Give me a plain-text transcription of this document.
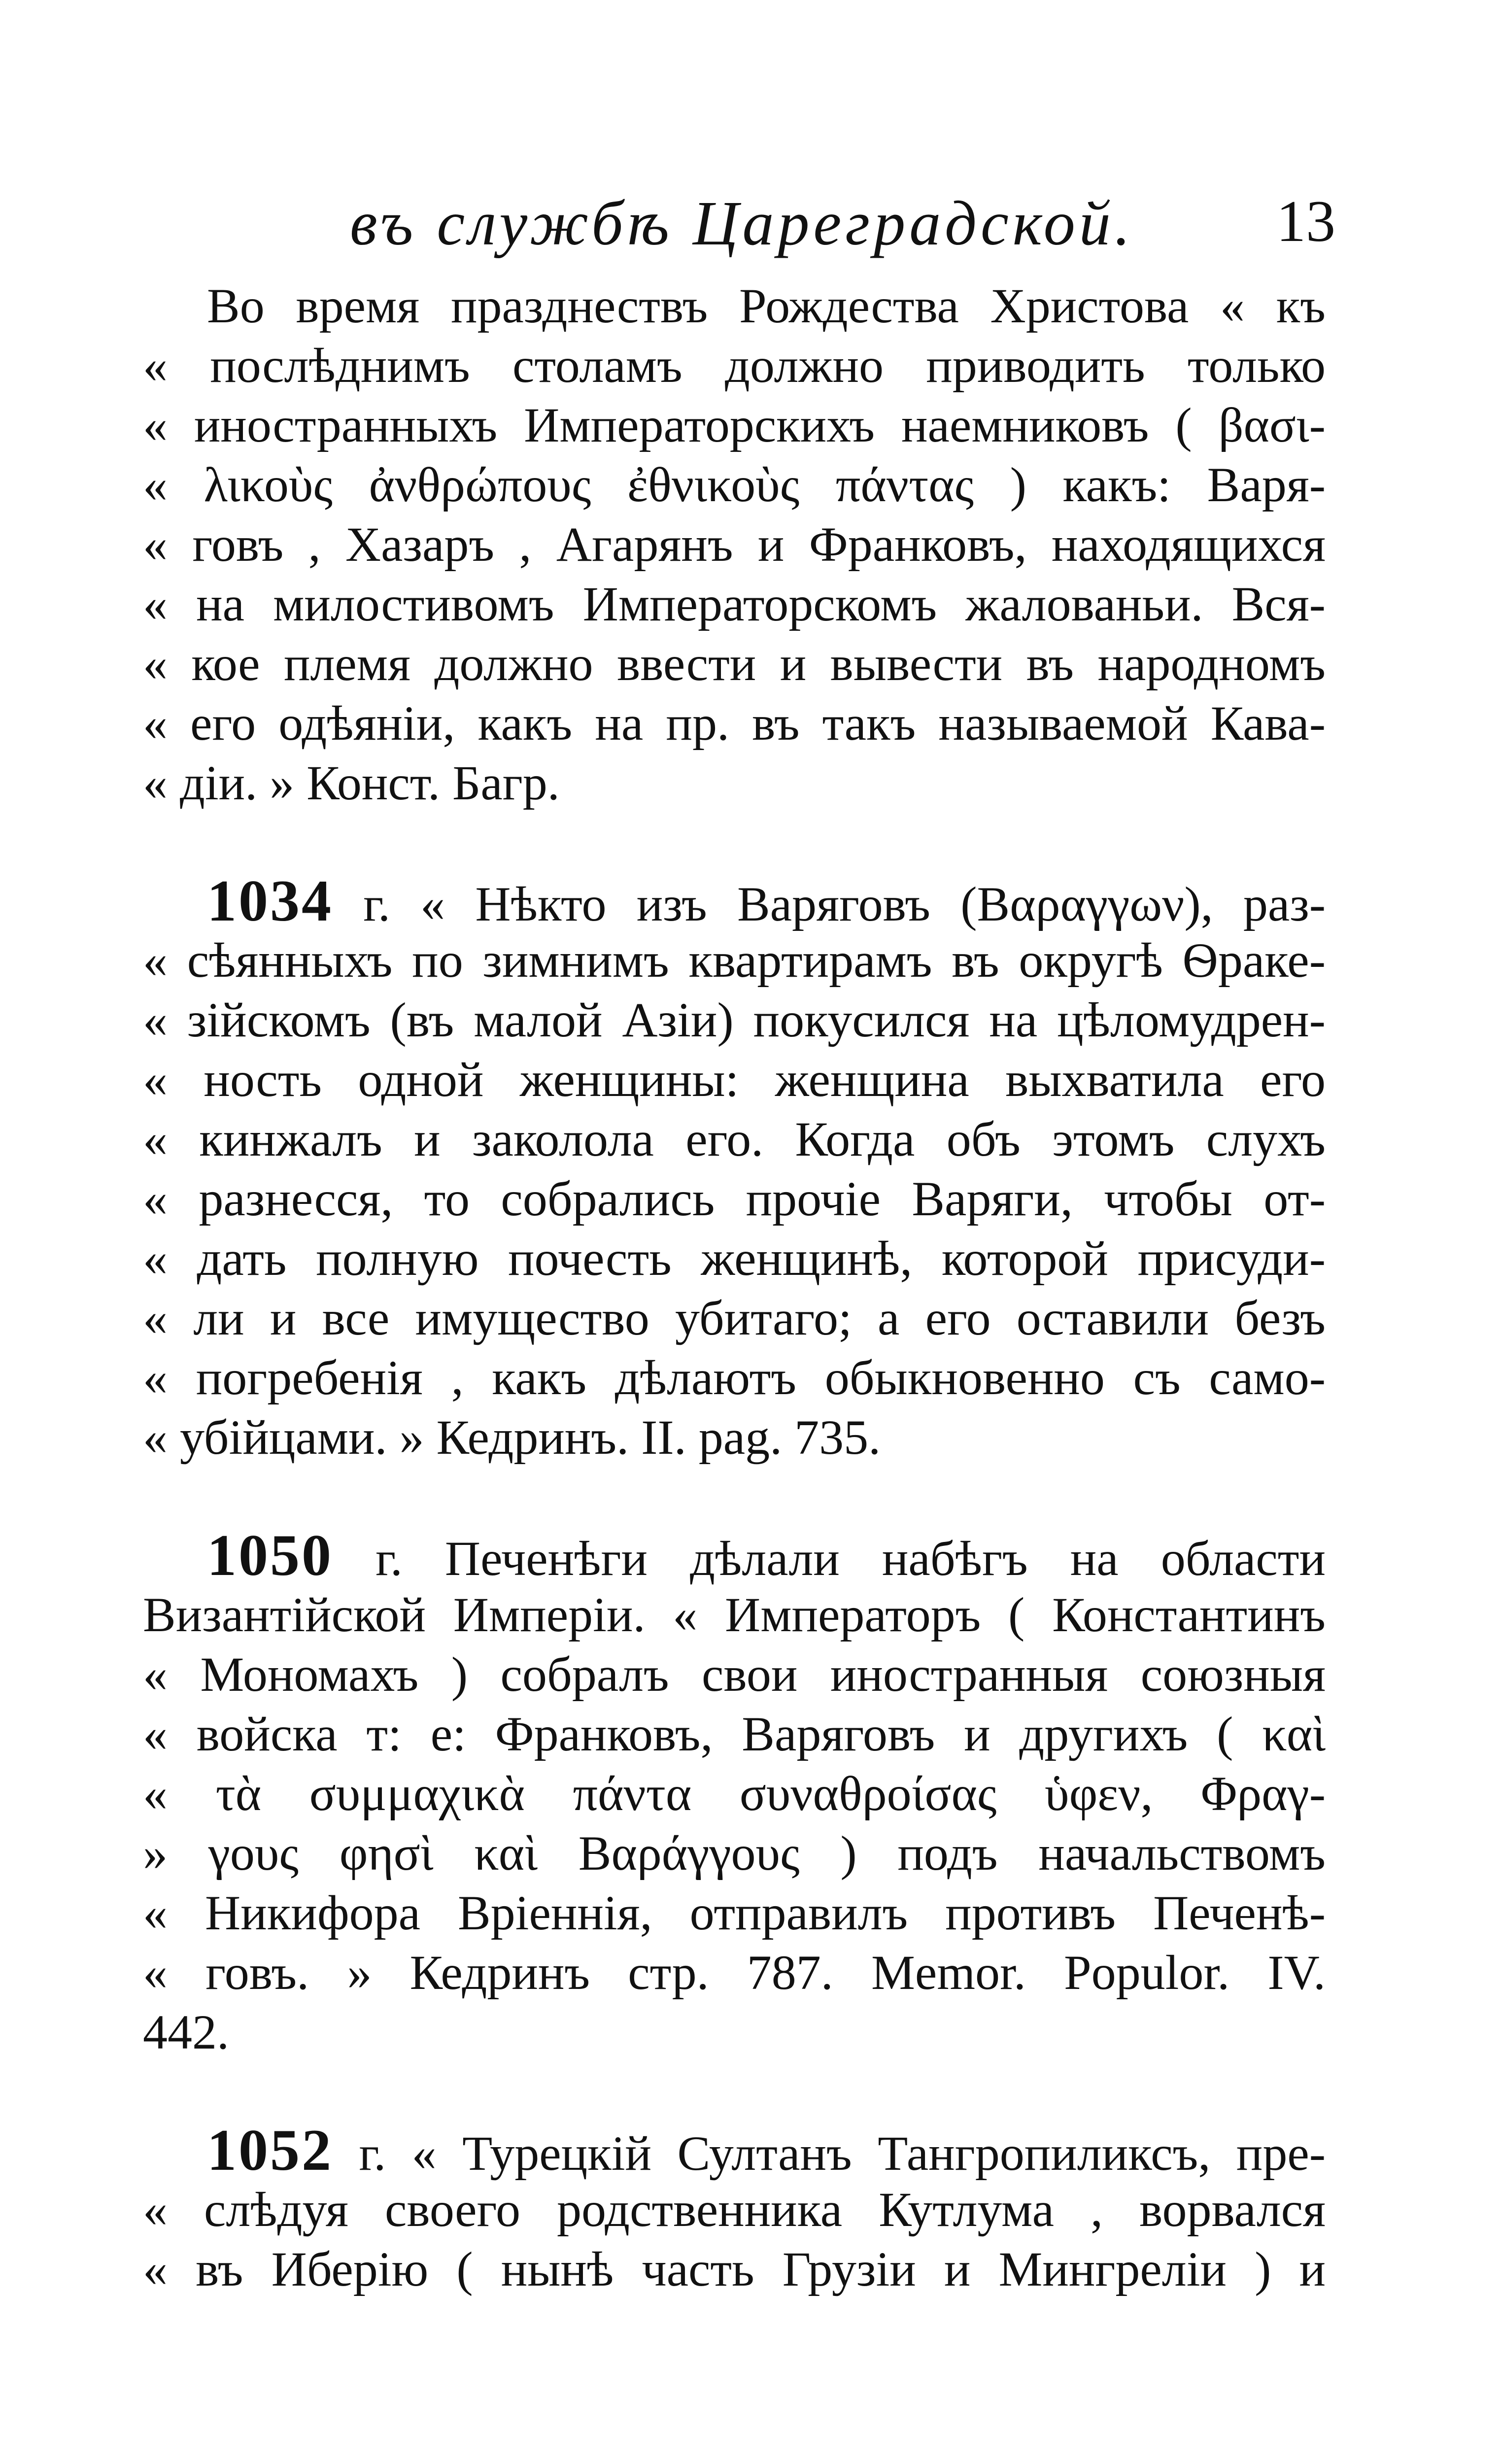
въ службѣ Цареградской. 13
Во время празднествъ Рождества Христова « къ
« послѣднимъ столамъ должно приводить только
« иностранныхъ Императорскихъ наемниковъ ( βασι-
« λικοὺς ἀνθρώπους ἐθνικοὺς πάντας ) какъ: Варя-
« говъ , Хазаръ , Агарянъ и Франковъ, находящихся
« на милостивомъ Императорскомъ жалованьи. Вся-
« кое племя должно ввести и вывести въ народномъ
« его одѣяніи, какъ на пр. въ такъ называемой Кава-
« діи. » Конст. Багр.
1034 г. « Нѣкто изъ Варяговъ (Βαραγγων), раз-
« сѣянныхъ по зимнимъ квартирамъ въ округѣ Ѳраке-
« зійскомъ (въ малой Азіи) покусился на цѣломудрен-
« ность одной женщины: женщина выхватила его
« кинжалъ и заколола его. Когда объ этомъ слухъ
« разнесся, то собрались прочіе Варяги, чтобы от-
« дать полную почесть женщинѣ, которой присуди-
« ли и все имущество убитаго; а его оставили безъ
« погребенія , какъ дѣлаютъ обыкновенно съ само-
« убійцами. » Кедринъ. II. pag. 735.
1050 г. Печенѣги дѣлали набѣгъ на области
Византійской Имперіи. « Императоръ ( Константинъ
« Мономахъ ) собралъ свои иностранныя союзныя
« войска т: е: Франковъ, Варяговъ и другихъ ( καὶ
« τὰ συμμαχικὰ πάντα συναθροίσας ὑφεν, Φραγ-
» γους φησὶ καὶ Βαράγγους ) подъ начальствомъ
« Никифора Вріеннія, отправилъ противъ Печенѣ-
« говъ. » Кедринъ стр. 787. Memor. Populor. IV.
442.
1052 г. « Турецкій Султанъ Тангропиликсъ, пре-
« слѣдуя своего родственника Кутлума , ворвался
« въ Иберію ( нынѣ часть Грузіи и Мингреліи ) и
